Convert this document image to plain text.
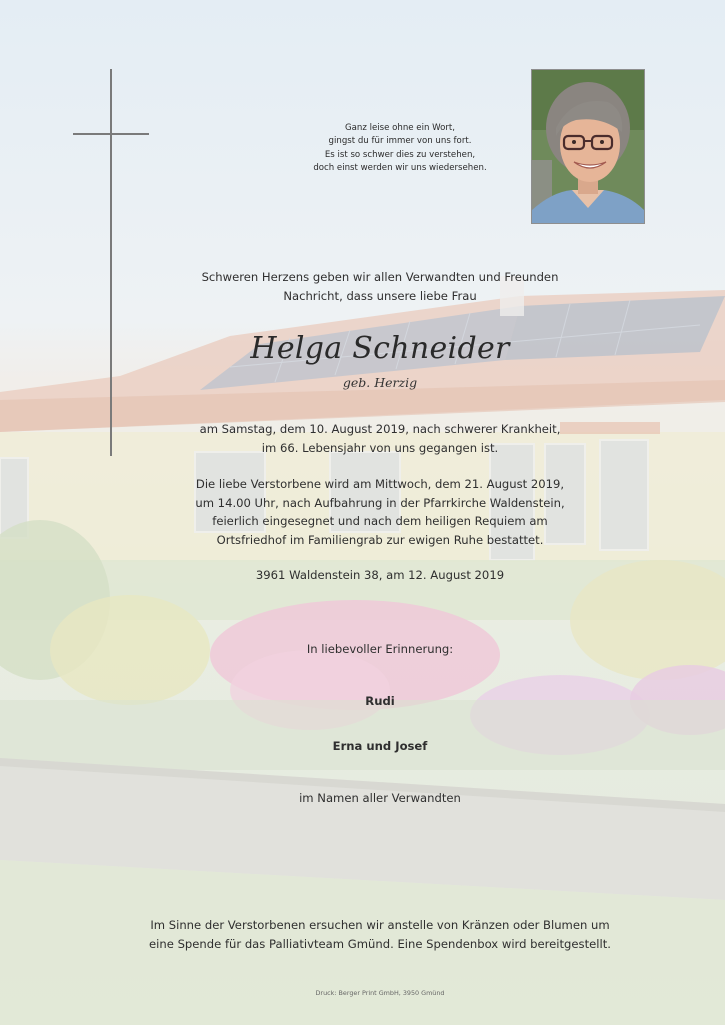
Ganz leise ohne ein Wort,
gingst du für immer von uns fort.
Es ist so schwer dies zu verstehen,
doch einst werden wir uns wiedersehen.
Schweren Herzens geben wir allen Verwandten und Freunden
Nachricht, dass unsere liebe Frau
Helga Schneider
geb. Herzig
am Samstag, dem 10. August 2019, nach schwerer Krankheit,
im 66. Lebensjahr von uns gegangen ist.
Die liebe Verstorbene wird am Mittwoch, dem 21. August 2019,
um 14.00 Uhr, nach Aufbahrung in der Pfarrkirche Waldenstein,
feierlich eingesegnet und nach dem heiligen Requiem am
Ortsfriedhof im Familiengrab zur ewigen Ruhe bestattet.
3961 Waldenstein 38, am 12. August 2019
In liebevoller Erinnerung:
Rudi
Erna und Josef
im Namen aller Verwandten
Im Sinne der Verstorbenen ersuchen wir anstelle von Kränzen oder Blumen um
eine Spende für das Palliativteam Gmünd. Eine Spendenbox wird bereitgestellt.
Druck: Berger Print GmbH, 3950 Gmünd
